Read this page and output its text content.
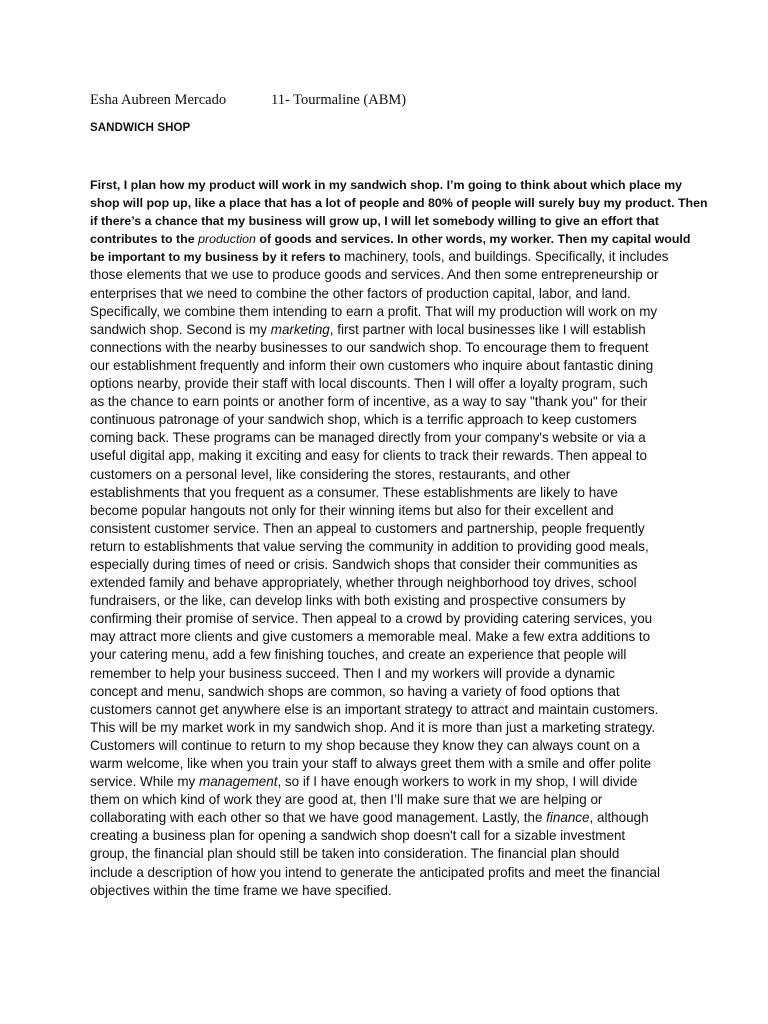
Esha Aubreen Mercado	11- Tourmaline (ABM)
SANDWICH SHOP
First, I plan how my product will work in my sandwich shop. I’m going to think about which place my
shop will pop up, like a place that has a lot of people and 80% of people will surely buy my product. Then
if there’s a chance that my business will grow up, I will let somebody willing to give an effort that
contributes to the production of goods and services. In other words, my worker. Then my capital would
be important to my business by it refers to machinery, tools, and buildings. Specifically, it includes
those elements that we use to produce goods and services. And then some entrepreneurship or
enterprises that we need to combine the other factors of production capital, labor, and land.
Specifically, we combine them intending to earn a profit. That will my production will work on my
sandwich shop. Second is my marketing, first partner with local businesses like I will establish
connections with the nearby businesses to our sandwich shop. To encourage them to frequent
our establishment frequently and inform their own customers who inquire about fantastic dining
options nearby, provide their staff with local discounts. Then I will offer a loyalty program, such
as the chance to earn points or another form of incentive, as a way to say "thank you" for their
continuous patronage of your sandwich shop, which is a terrific approach to keep customers
coming back. These programs can be managed directly from your company's website or via a
useful digital app, making it exciting and easy for clients to track their rewards. Then appeal to
customers on a personal level, like considering the stores, restaurants, and other
establishments that you frequent as a consumer. These establishments are likely to have
become popular hangouts not only for their winning items but also for their excellent and
consistent customer service. Then an appeal to customers and partnership, people frequently
return to establishments that value serving the community in addition to providing good meals,
especially during times of need or crisis. Sandwich shops that consider their communities as
extended family and behave appropriately, whether through neighborhood toy drives, school
fundraisers, or the like, can develop links with both existing and prospective consumers by
confirming their promise of service. Then appeal to a crowd by providing catering services, you
may attract more clients and give customers a memorable meal. Make a few extra additions to
your catering menu, add a few finishing touches, and create an experience that people will
remember to help your business succeed. Then I and my workers will provide a dynamic
concept and menu, sandwich shops are common, so having a variety of food options that
customers cannot get anywhere else is an important strategy to attract and maintain customers.
This will be my market work in my sandwich shop. And it is more than just a marketing strategy.
Customers will continue to return to my shop because they know they can always count on a
warm welcome, like when you train your staff to always greet them with a smile and offer polite
service. While my management, so if I have enough workers to work in my shop, I will divide
them on which kind of work they are good at, then I’ll make sure that we are helping or
collaborating with each other so that we have good management. Lastly, the finance, although
creating a business plan for opening a sandwich shop doesn't call for a sizable investment
group, the financial plan should still be taken into consideration. The financial plan should
include a description of how you intend to generate the anticipated profits and meet the financial
objectives within the time frame we have specified.
